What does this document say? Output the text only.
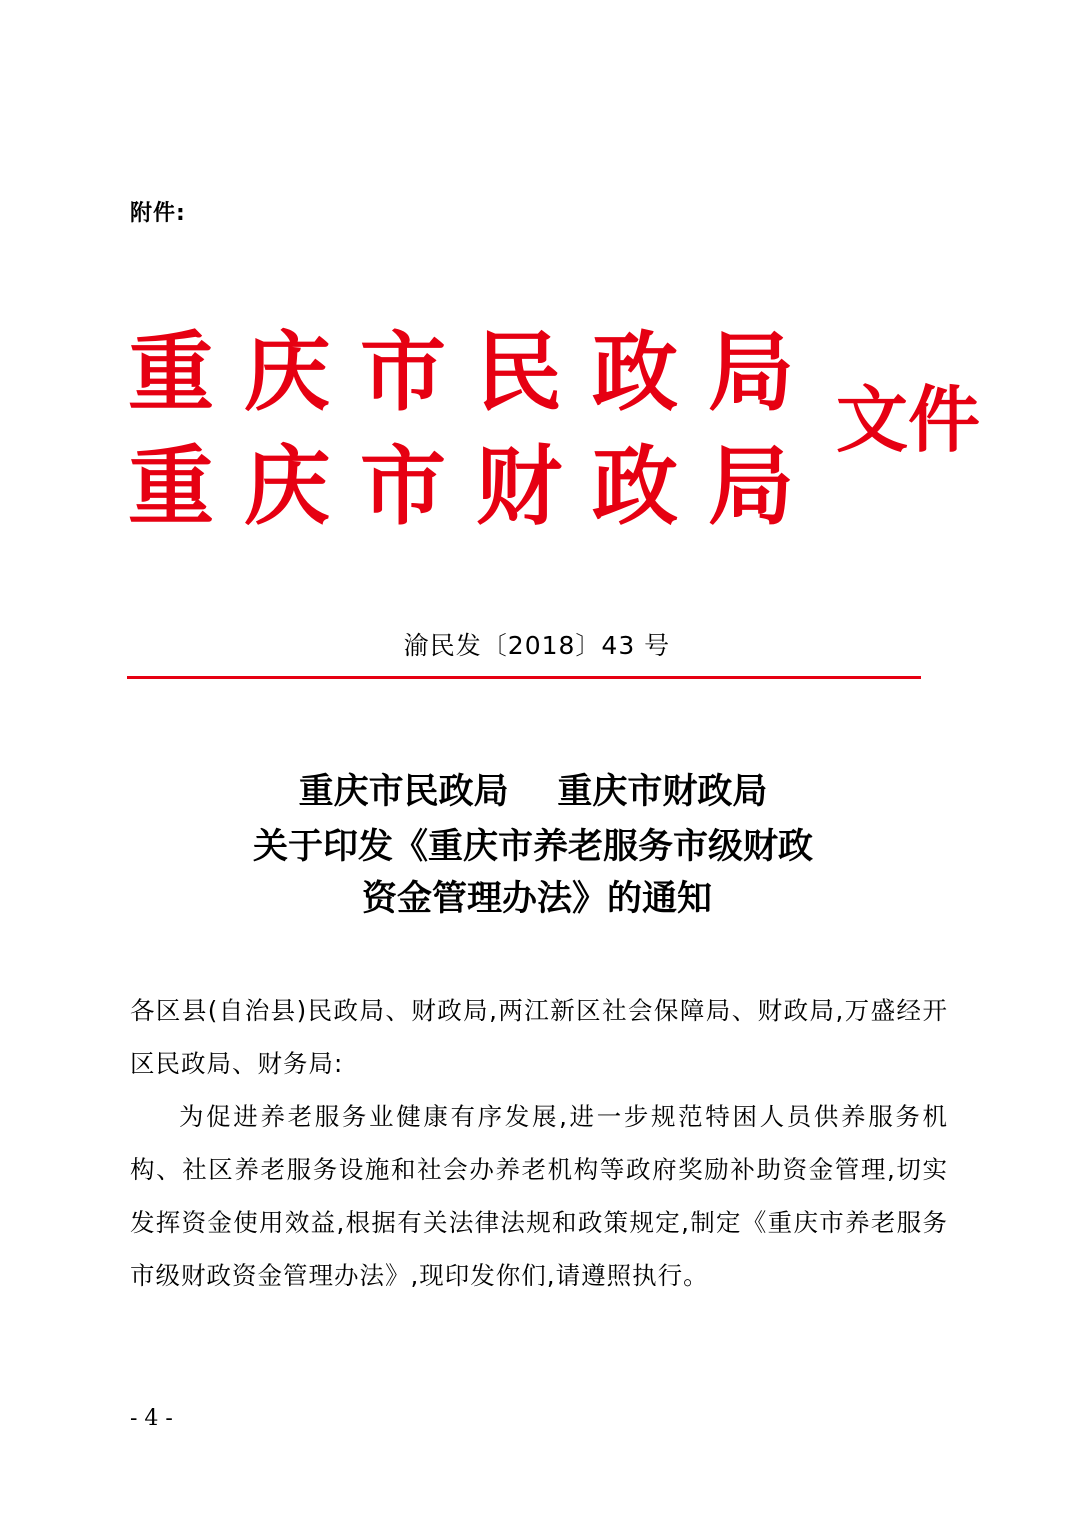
附件:
重庆市民政局
重庆市财政局
文件
渝民发〔2018〕43 号
重庆市民政局    重庆市财政局
关于印发《重庆市养老服务市级财政
资金管理办法》的通知

各区县(自治县)民政局、财政局,两江新区社会保障局、财政局,万盛经开区民政局、财务局:

为促进养老服务业健康有序发展,进一步规范特困人员供养服务机构、社区养老服务设施和社会办养老机构等政府奖励补助资金管理,切实发挥资金使用效益,根据有关法律法规和政策规定,制定《重庆市养老服务市级财政资金管理办法》,现印发你们,请遵照执行。

- 4 -
